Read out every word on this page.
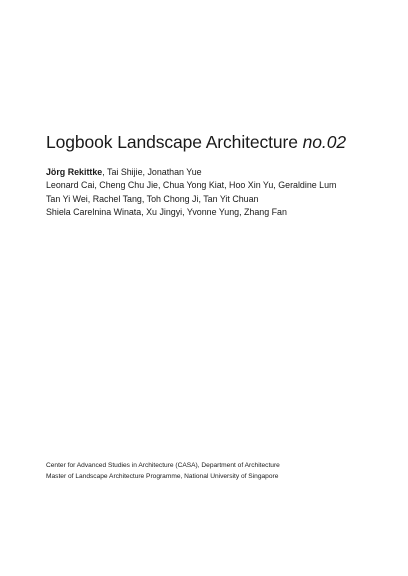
Logbook Landscape Architecture no.02
Jörg Rekittke, Tai Shijie, Jonathan Yue
Leonard Cai, Cheng Chu Jie, Chua Yong Kiat, Hoo Xin Yu, Geraldine Lum
Tan Yi Wei, Rachel Tang, Toh Chong Ji, Tan Yit Chuan
Shiela Carelnina Winata, Xu Jingyi, Yvonne Yung, Zhang Fan
Center for Advanced Studies in Architecture (CASA), Department of Architecture
Master of Landscape Architecture Programme, National University of Singapore
